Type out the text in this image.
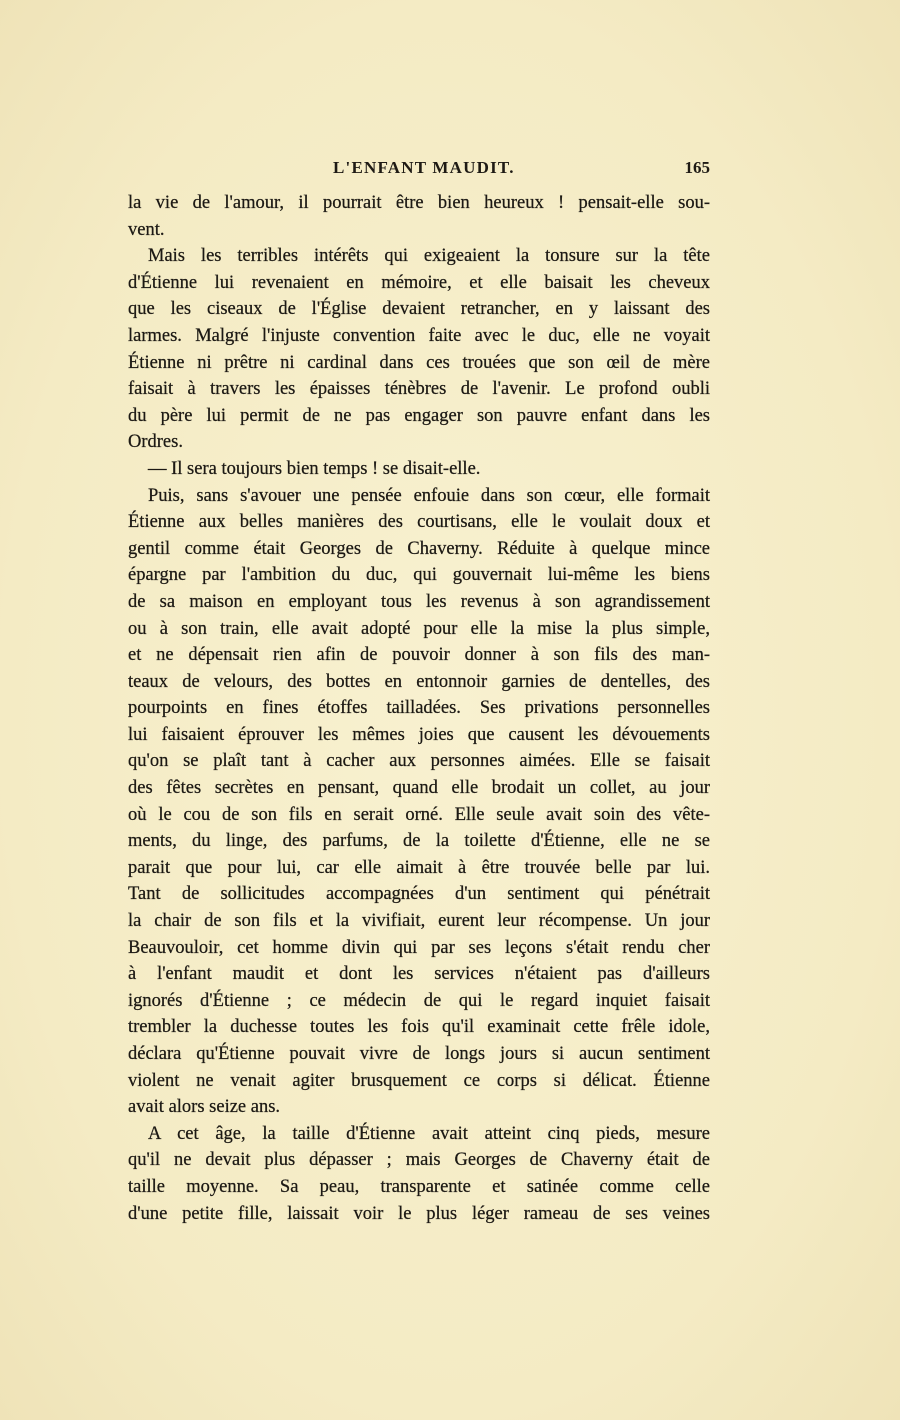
L'ENFANT MAUDIT.	165
la vie de l'amour, il pourrait être bien heureux ! pensait-elle sou-
vent.
Mais les terribles intérêts qui exigeaient la tonsure sur la tête
d'Étienne lui revenaient en mémoire, et elle baisait les cheveux
que les ciseaux de l'Église devaient retrancher, en y laissant des
larmes. Malgré l'injuste convention faite avec le duc, elle ne voyait
Étienne ni prêtre ni cardinal dans ces trouées que son œil de mère
faisait à travers les épaisses ténèbres de l'avenir. Le profond oubli
du père lui permit de ne pas engager son pauvre enfant dans les
Ordres.
— Il sera toujours bien temps ! se disait-elle.
Puis, sans s'avouer une pensée enfouie dans son cœur, elle formait
Étienne aux belles manières des courtisans, elle le voulait doux et
gentil comme était Georges de Chaverny. Réduite à quelque mince
épargne par l'ambition du duc, qui gouvernait lui-même les biens
de sa maison en employant tous les revenus à son agrandissement
ou à son train, elle avait adopté pour elle la mise la plus simple,
et ne dépensait rien afin de pouvoir donner à son fils des man-
teaux de velours, des bottes en entonnoir garnies de dentelles, des
pourpoints en fines étoffes tailladées. Ses privations personnelles
lui faisaient éprouver les mêmes joies que causent les dévouements
qu'on se plaît tant à cacher aux personnes aimées. Elle se faisait
des fêtes secrètes en pensant, quand elle brodait un collet, au jour
où le cou de son fils en serait orné. Elle seule avait soin des vête-
ments, du linge, des parfums, de la toilette d'Étienne, elle ne se
parait que pour lui, car elle aimait à être trouvée belle par lui.
Tant de sollicitudes accompagnées d'un sentiment qui pénétrait
la chair de son fils et la vivifiait, eurent leur récompense. Un jour
Beauvouloir, cet homme divin qui par ses leçons s'était rendu cher
à l'enfant maudit et dont les services n'étaient pas d'ailleurs
ignorés d'Étienne ; ce médecin de qui le regard inquiet faisait
trembler la duchesse toutes les fois qu'il examinait cette frêle idole,
déclara qu'Étienne pouvait vivre de longs jours si aucun sentiment
violent ne venait agiter brusquement ce corps si délicat. Étienne
avait alors seize ans.
A cet âge, la taille d'Étienne avait atteint cinq pieds, mesure
qu'il ne devait plus dépasser ; mais Georges de Chaverny était de
taille moyenne. Sa peau, transparente et satinée comme celle
d'une petite fille, laissait voir le plus léger rameau de ses veines
